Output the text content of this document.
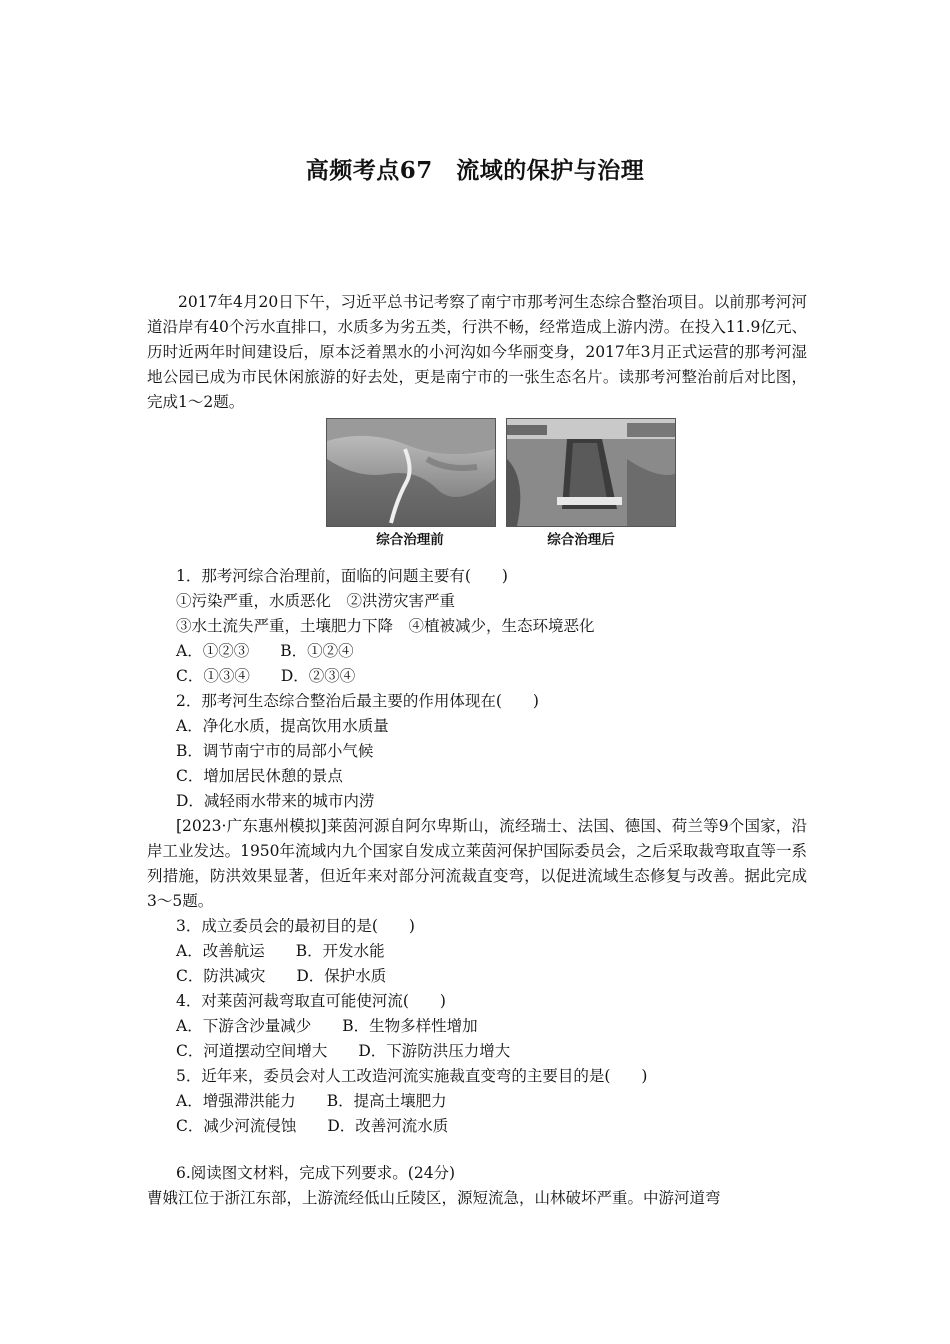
高频考点67　流域的保护与治理
2017年4月20日下午，习近平总书记考察了南宁市那考河生态综合整治项目。以前那考河河道沿岸有40个污水直排口，水质多为劣五类，行洪不畅，经常造成上游内涝。在投入11.9亿元、历时近两年时间建设后，原本泛着黑水的小河沟如今华丽变身，2017年3月正式运营的那考河湿地公园已成为市民休闲旅游的好去处，更是南宁市的一张生态名片。读那考河整治前后对比图，完成1～2题。
综合治理前	综合治理后
1．那考河综合治理前，面临的问题主要有(　　)
①污染严重，水质恶化　②洪涝灾害严重
③水土流失严重，土壤肥力下降　④植被减少，生态环境恶化
A．①②③　　B．①②④
C．①③④　　D．②③④
2．那考河生态综合整治后最主要的作用体现在(　　)
A．净化水质，提高饮用水质量
B．调节南宁市的局部小气候
C．增加居民休憩的景点
D．减轻雨水带来的城市内涝
[2023·广东惠州模拟]莱茵河源自阿尔卑斯山，流经瑞士、法国、德国、荷兰等9个国家，沿岸工业发达。1950年流域内九个国家自发成立莱茵河保护国际委员会，之后采取裁弯取直等一系列措施，防洪效果显著，但近年来对部分河流裁直变弯，以促进流域生态修复与改善。据此完成3～5题。
3．成立委员会的最初目的是(　　)
A．改善航运　　B．开发水能
C．防洪减灾　　D．保护水质
4．对莱茵河裁弯取直可能使河流(　　)
A．下游含沙量减少　　B．生物多样性增加
C．河道摆动空间增大　　D．下游防洪压力增大
5．近年来，委员会对人工改造河流实施裁直变弯的主要目的是(　　)
A．增强滞洪能力　　B．提高土壤肥力
C．减少河流侵蚀　　D．改善河流水质
6.阅读图文材料，完成下列要求。(24分)
曹娥江位于浙江东部，上游流经低山丘陵区，源短流急，山林破坏严重。中游河道弯
